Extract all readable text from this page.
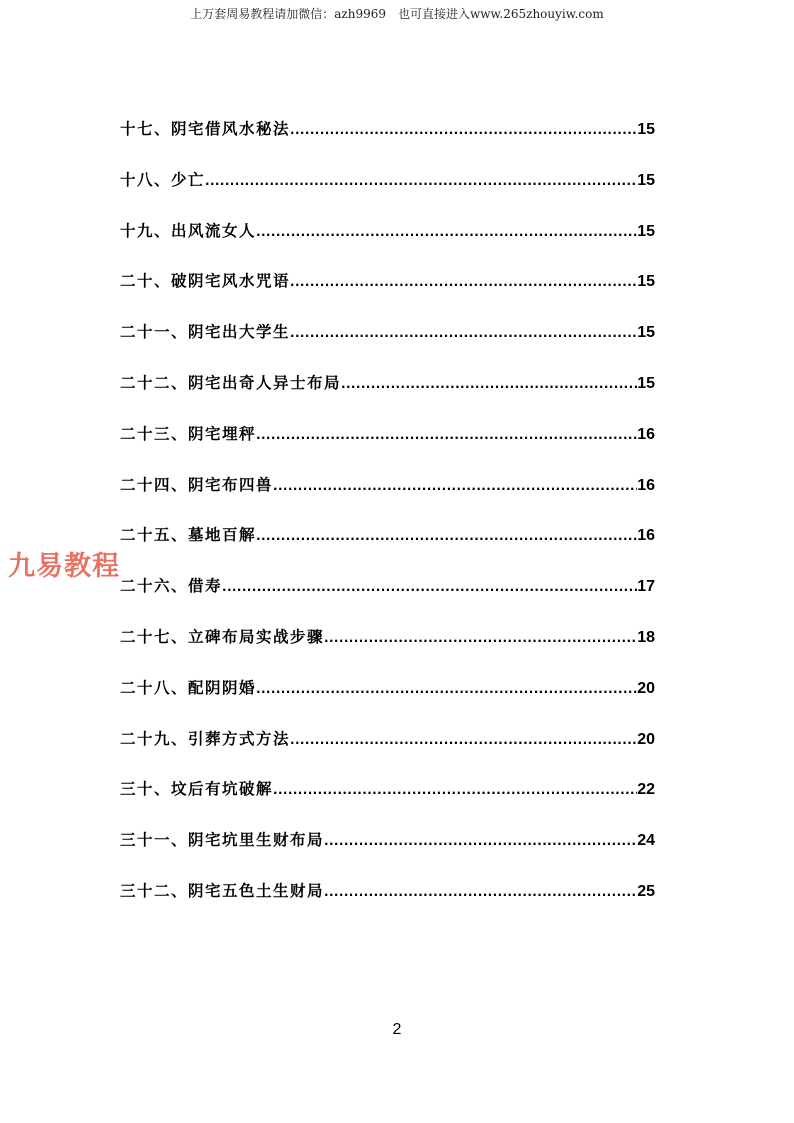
上万套周易教程请加微信：azh9969　也可直接进入www.265zhouyiw.com
十七、阴宅借风水秘法 .....	15
十八、少亡 .....	15
十九、出风流女人 .....	15
二十、破阴宅风水咒语 .....	15
二十一、阴宅出大学生 .....	15
二十二、阴宅出奇人异士布局 .....	15
二十三、阴宅埋秤 .....	16
二十四、阴宅布四兽 .....	16
二十五、墓地百解 .....	16
二十六、借寿 .....	17
二十七、立碑布局实战步骤 .....	18
二十八、配阴阴婚 .....	20
二十九、引葬方式方法 .....	20
三十、坟后有坑破解 .....	22
三十一、阴宅坑里生财布局 .....	24
三十二、阴宅五色土生财局 .....	25
九易教程
2
